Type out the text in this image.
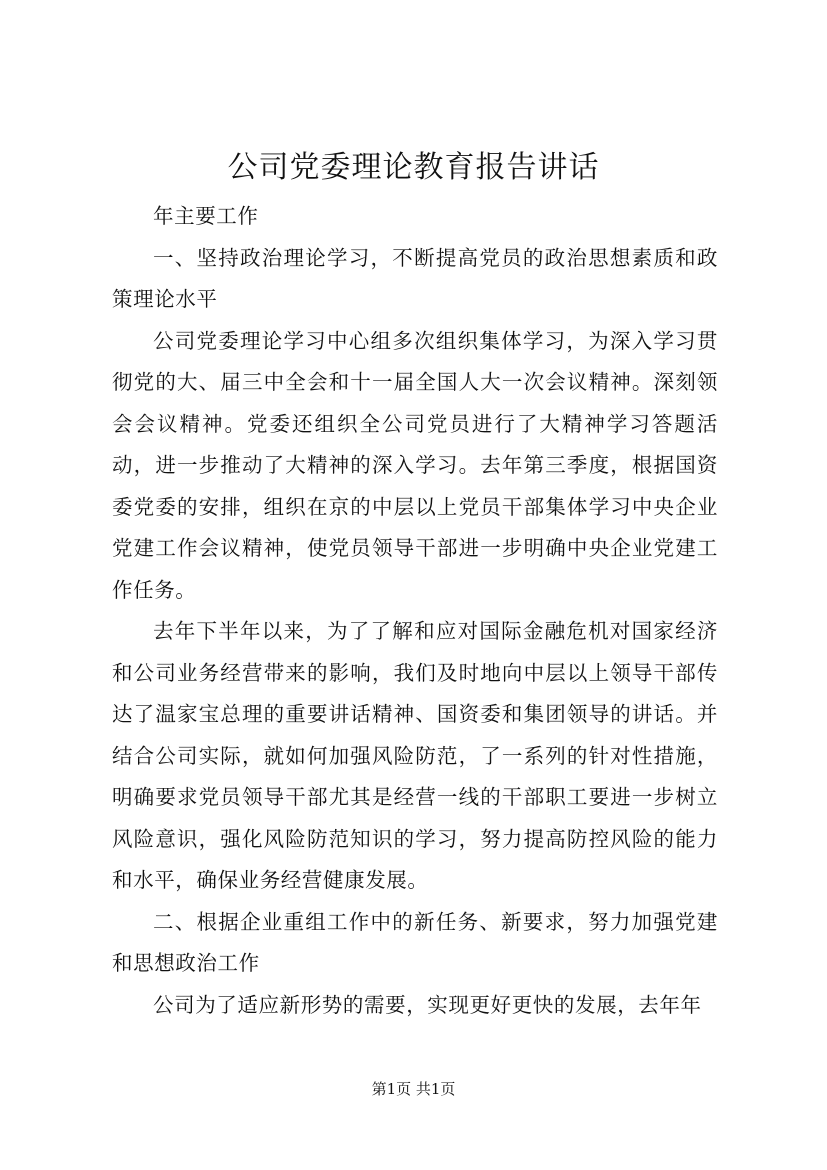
公司党委理论教育报告讲话

年主要工作

一、坚持政治理论学习，不断提高党员的政治思想素质和政策理论水平

公司党委理论学习中心组多次组织集体学习，为深入学习贯彻党的大、届三中全会和十一届全国人大一次会议精神。深刻领会会议精神。党委还组织全公司党员进行了大精神学习答题活动，进一步推动了大精神的深入学习。去年第三季度，根据国资委党委的安排，组织在京的中层以上党员干部集体学习中央企业党建工作会议精神，使党员领导干部进一步明确中央企业党建工作任务。

去年下半年以来，为了了解和应对国际金融危机对国家经济和公司业务经营带来的影响，我们及时地向中层以上领导干部传达了温家宝总理的重要讲话精神、国资委和集团领导的讲话。并结合公司实际，就如何加强风险防范，了一系列的针对性措施，明确要求党员领导干部尤其是经营一线的干部职工要进一步树立风险意识，强化风险防范知识的学习，努力提高防控风险的能力和水平，确保业务经营健康发展。

二、根据企业重组工作中的新任务、新要求，努力加强党建和思想政治工作

公司为了适应新形势的需要，实现更好更快的发展，去年年

第1页 共1页
